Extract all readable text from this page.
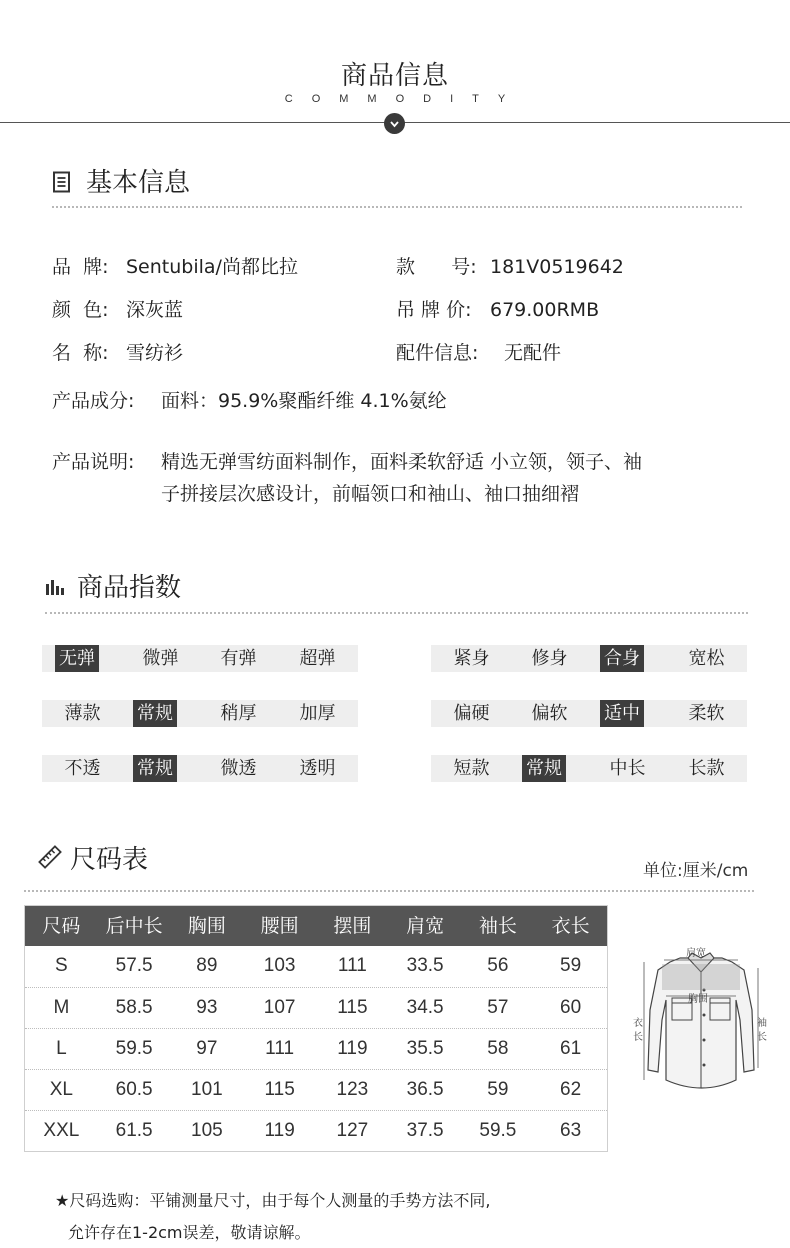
商品信息
COMMODITY
基本信息
品  牌: Sentubila/尚都比拉	款      号: 181V0519642
颜  色: 深灰蓝	吊 牌 价: 679.00RMB
名  称: 雪纺衫	配件信息: 无配件
产品成分: 面料：95.9%聚酯纤维 4.1%氨纶
产品说明: 精选无弹雪纺面料制作，面料柔软舒适 小立领，领子、袖
子拼接层次感设计，前幅领口和袖山、袖口抽细褶
商品指数
无弹	微弹	有弹	超弹	紧身	修身	合身	宽松
薄款	常规	稍厚	加厚	偏硬	偏软	适中	柔软
不透	常规	微透	透明	短款	常规	中长	长款
尺码表	单位:厘米/cm
尺码	后中长	胸围	腰围	摆围	肩宽	袖长	衣长
S	57.5	89	103	111	33.5	56	59
M	58.5	93	107	115	34.5	57	60
L	59.5	97	111	119	35.5	58	61
XL	60.5	101	115	123	36.5	59	62
XXL	61.5	105	119	127	37.5	59.5	63
肩宽
胸围
衣
长
袖
长
★尺码选购：平铺测量尺寸，由于每个人测量的手势方法不同,
允许存在1-2cm误差，敬请谅解。
